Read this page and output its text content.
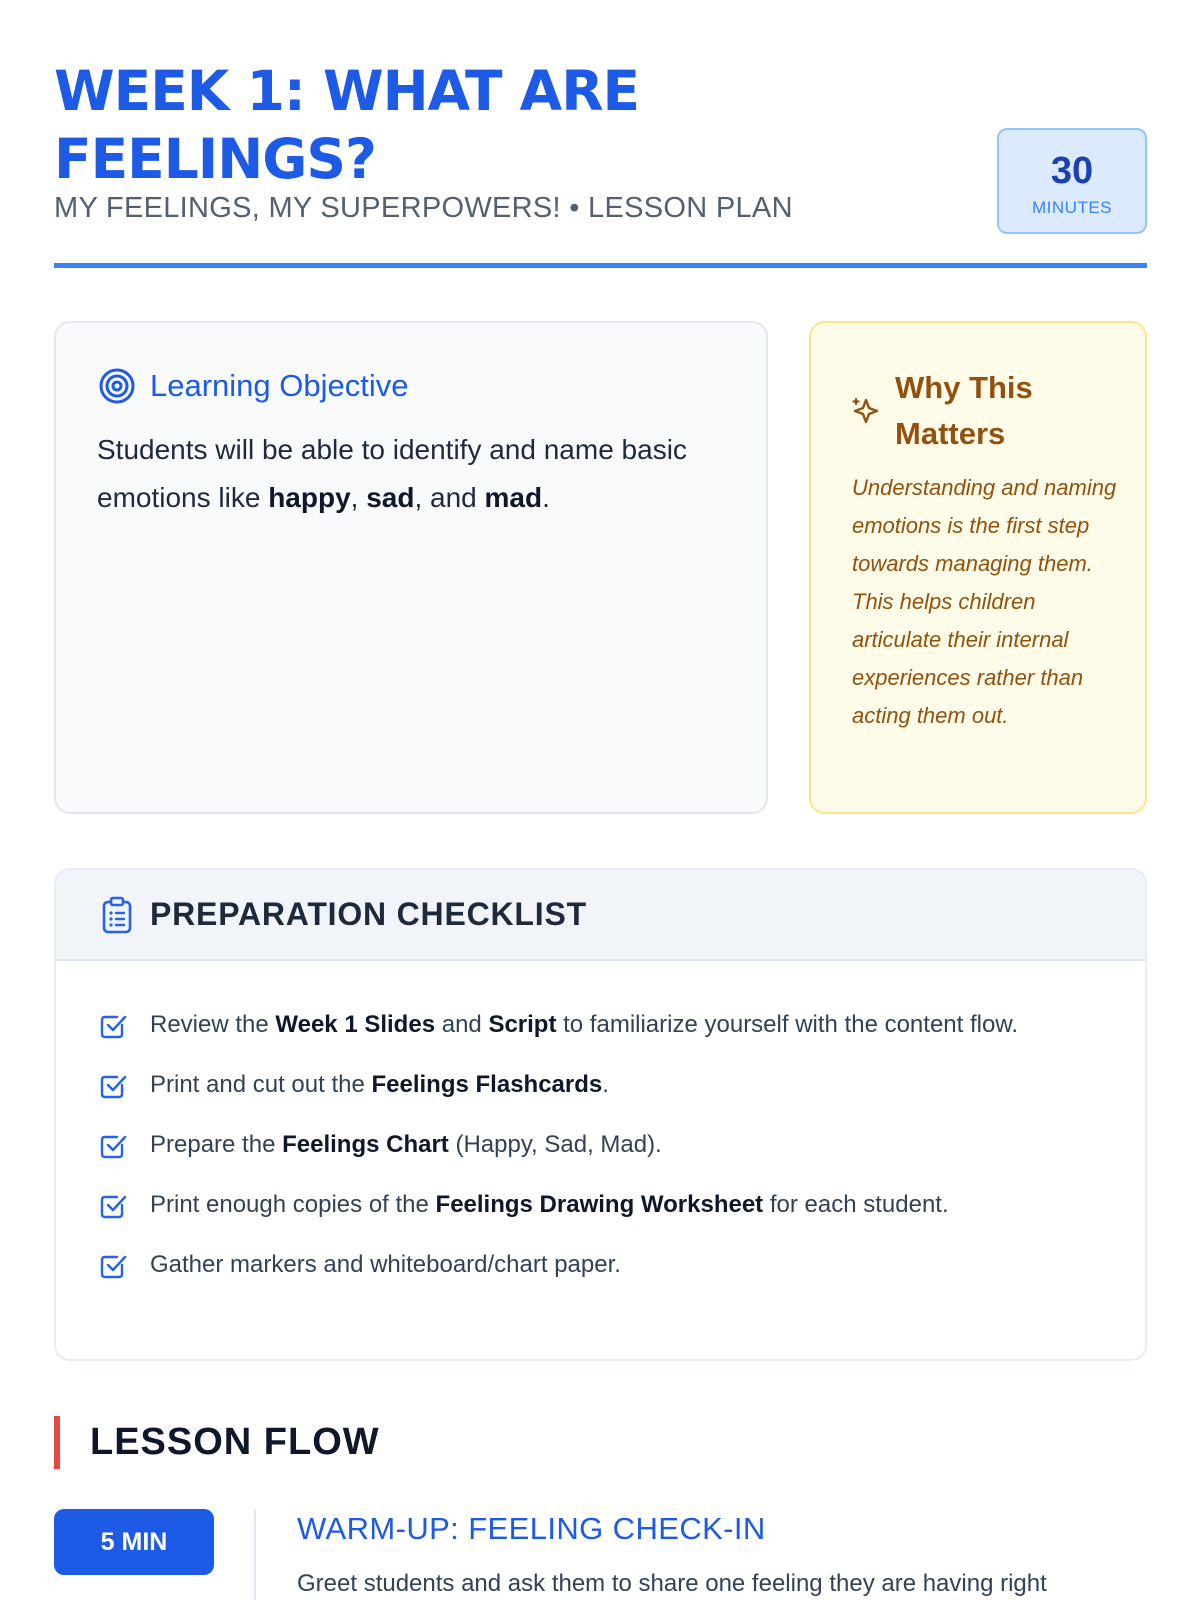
WEEK 1: WHAT ARE FEELINGS?
MY FEELINGS, MY SUPERPOWERS! • LESSON PLAN
30
MINUTES
Learning Objective

Students will be able to identify and name basic emotions like happy, sad, and mad.

Why This Matters

Understanding and naming emotions is the first step towards managing them. This helps children articulate their internal experiences rather than acting them out.

PREPARATION CHECKLIST
Review the Week 1 Slides and Script to familiarize yourself with the content flow.
Print and cut out the Feelings Flashcards.
Prepare the Feelings Chart (Happy, Sad, Mad).
Print enough copies of the Feelings Drawing Worksheet for each student.
Gather markers and whiteboard/chart paper.
LESSON FLOW
5 MIN	WARM-UP: FEELING CHECK-IN
Greet students and ask them to share one feeling they are having right
